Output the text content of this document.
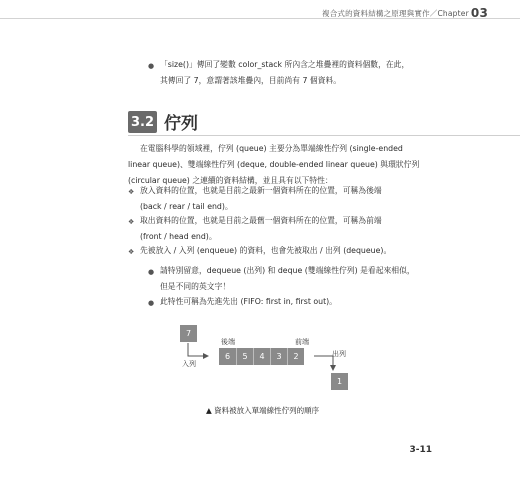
複合式的資料結構之原理與實作／Chapter 03
● 「size()」傳回了變數 color_stack 所內含之堆疊裡的資料個數，在此，
其傳回了 7，意謂著該堆疊內，目前尚有 7 個資料。
3.2 佇列
在電腦科學的領域裡，佇列 (queue) 主要分為單端線性佇列 (single-ended
linear queue)、雙端線性佇列 (deque, double-ended linear queue) 與環狀佇列
(circular queue) 之連續的資料結構，並且具有以下特性：
❖ 放入資料的位置，也就是目前之最新一個資料所在的位置，可稱為後端
(back / rear / tail end)。
❖ 取出資料的位置，也就是目前之最舊一個資料所在的位置，可稱為前端
(front / head end)。
❖ 先被放入 / 入列 (enqueue) 的資料，也會先被取出 / 出列 (dequeue)。
● 請特別留意，dequeue (出列) 和 deque (雙端線性佇列) 是看起來相似，
但是不同的英文字！
● 此特性可稱為先進先出 (FIFO: first in, first out)。
7
後端	前端
6	5	4	3	2
入列
出列
1
▲ 資料被放入單端線性佇列的順序
3-11
